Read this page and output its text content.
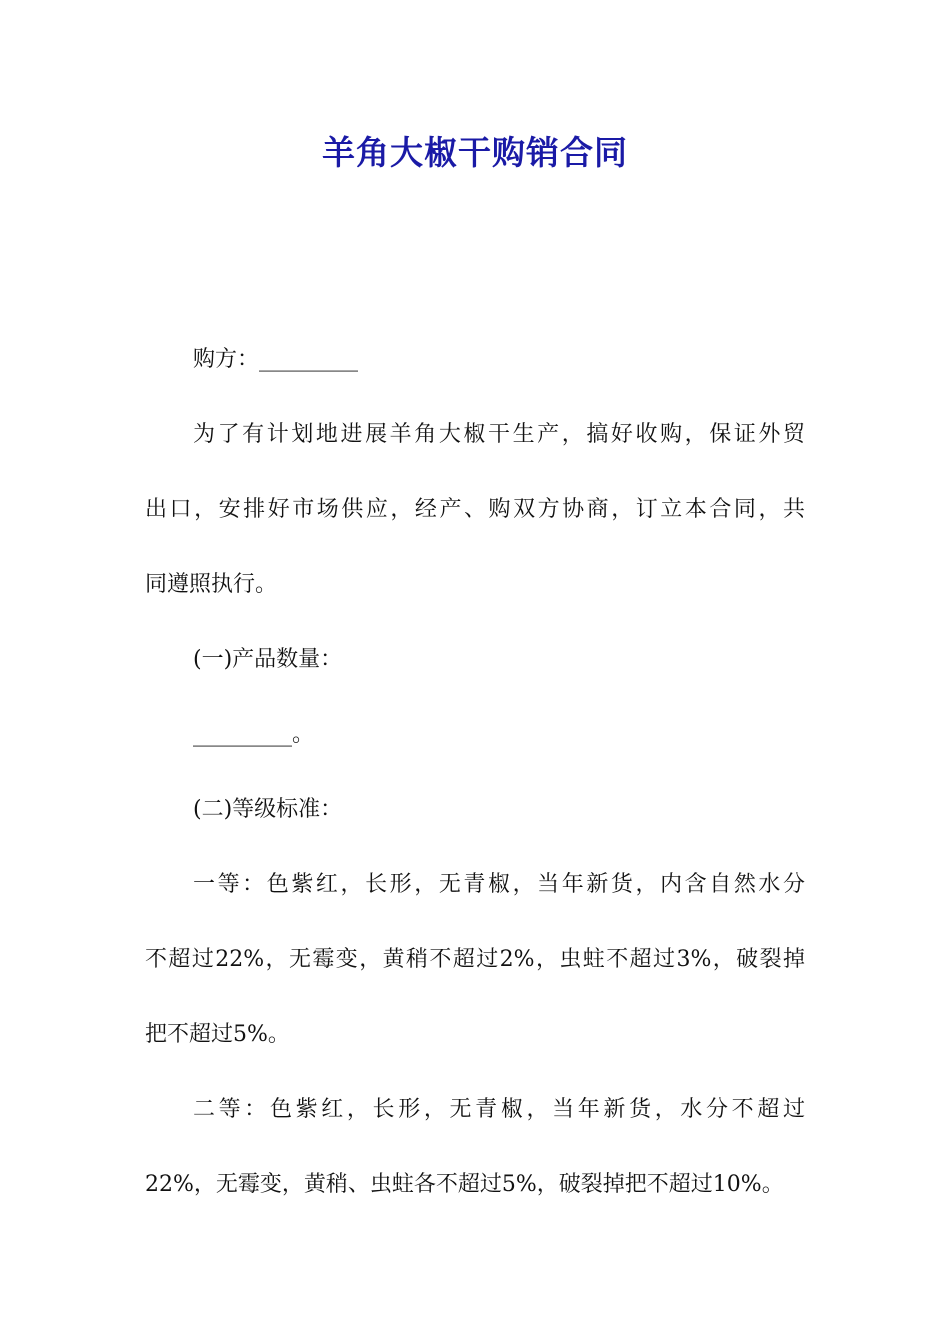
羊角大椒干购销合同
购方：_________
为了有计划地进展羊角大椒干生产，搞好收购，保证外贸
出口，安排好市场供应，经产、购双方协商，订立本合同，共
同遵照执行。
(一)产品数量：
_________。
(二)等级标准：
一等：色紫红，长形，无青椒，当年新货，内含自然水分
不超过22%，无霉变，黄稍不超过2%，虫蛀不超过3%，破裂掉
把不超过5%。
二等：色紫红，长形，无青椒，当年新货，水分不超过
22%，无霉变，黄稍、虫蛀各不超过5%，破裂掉把不超过10%。
